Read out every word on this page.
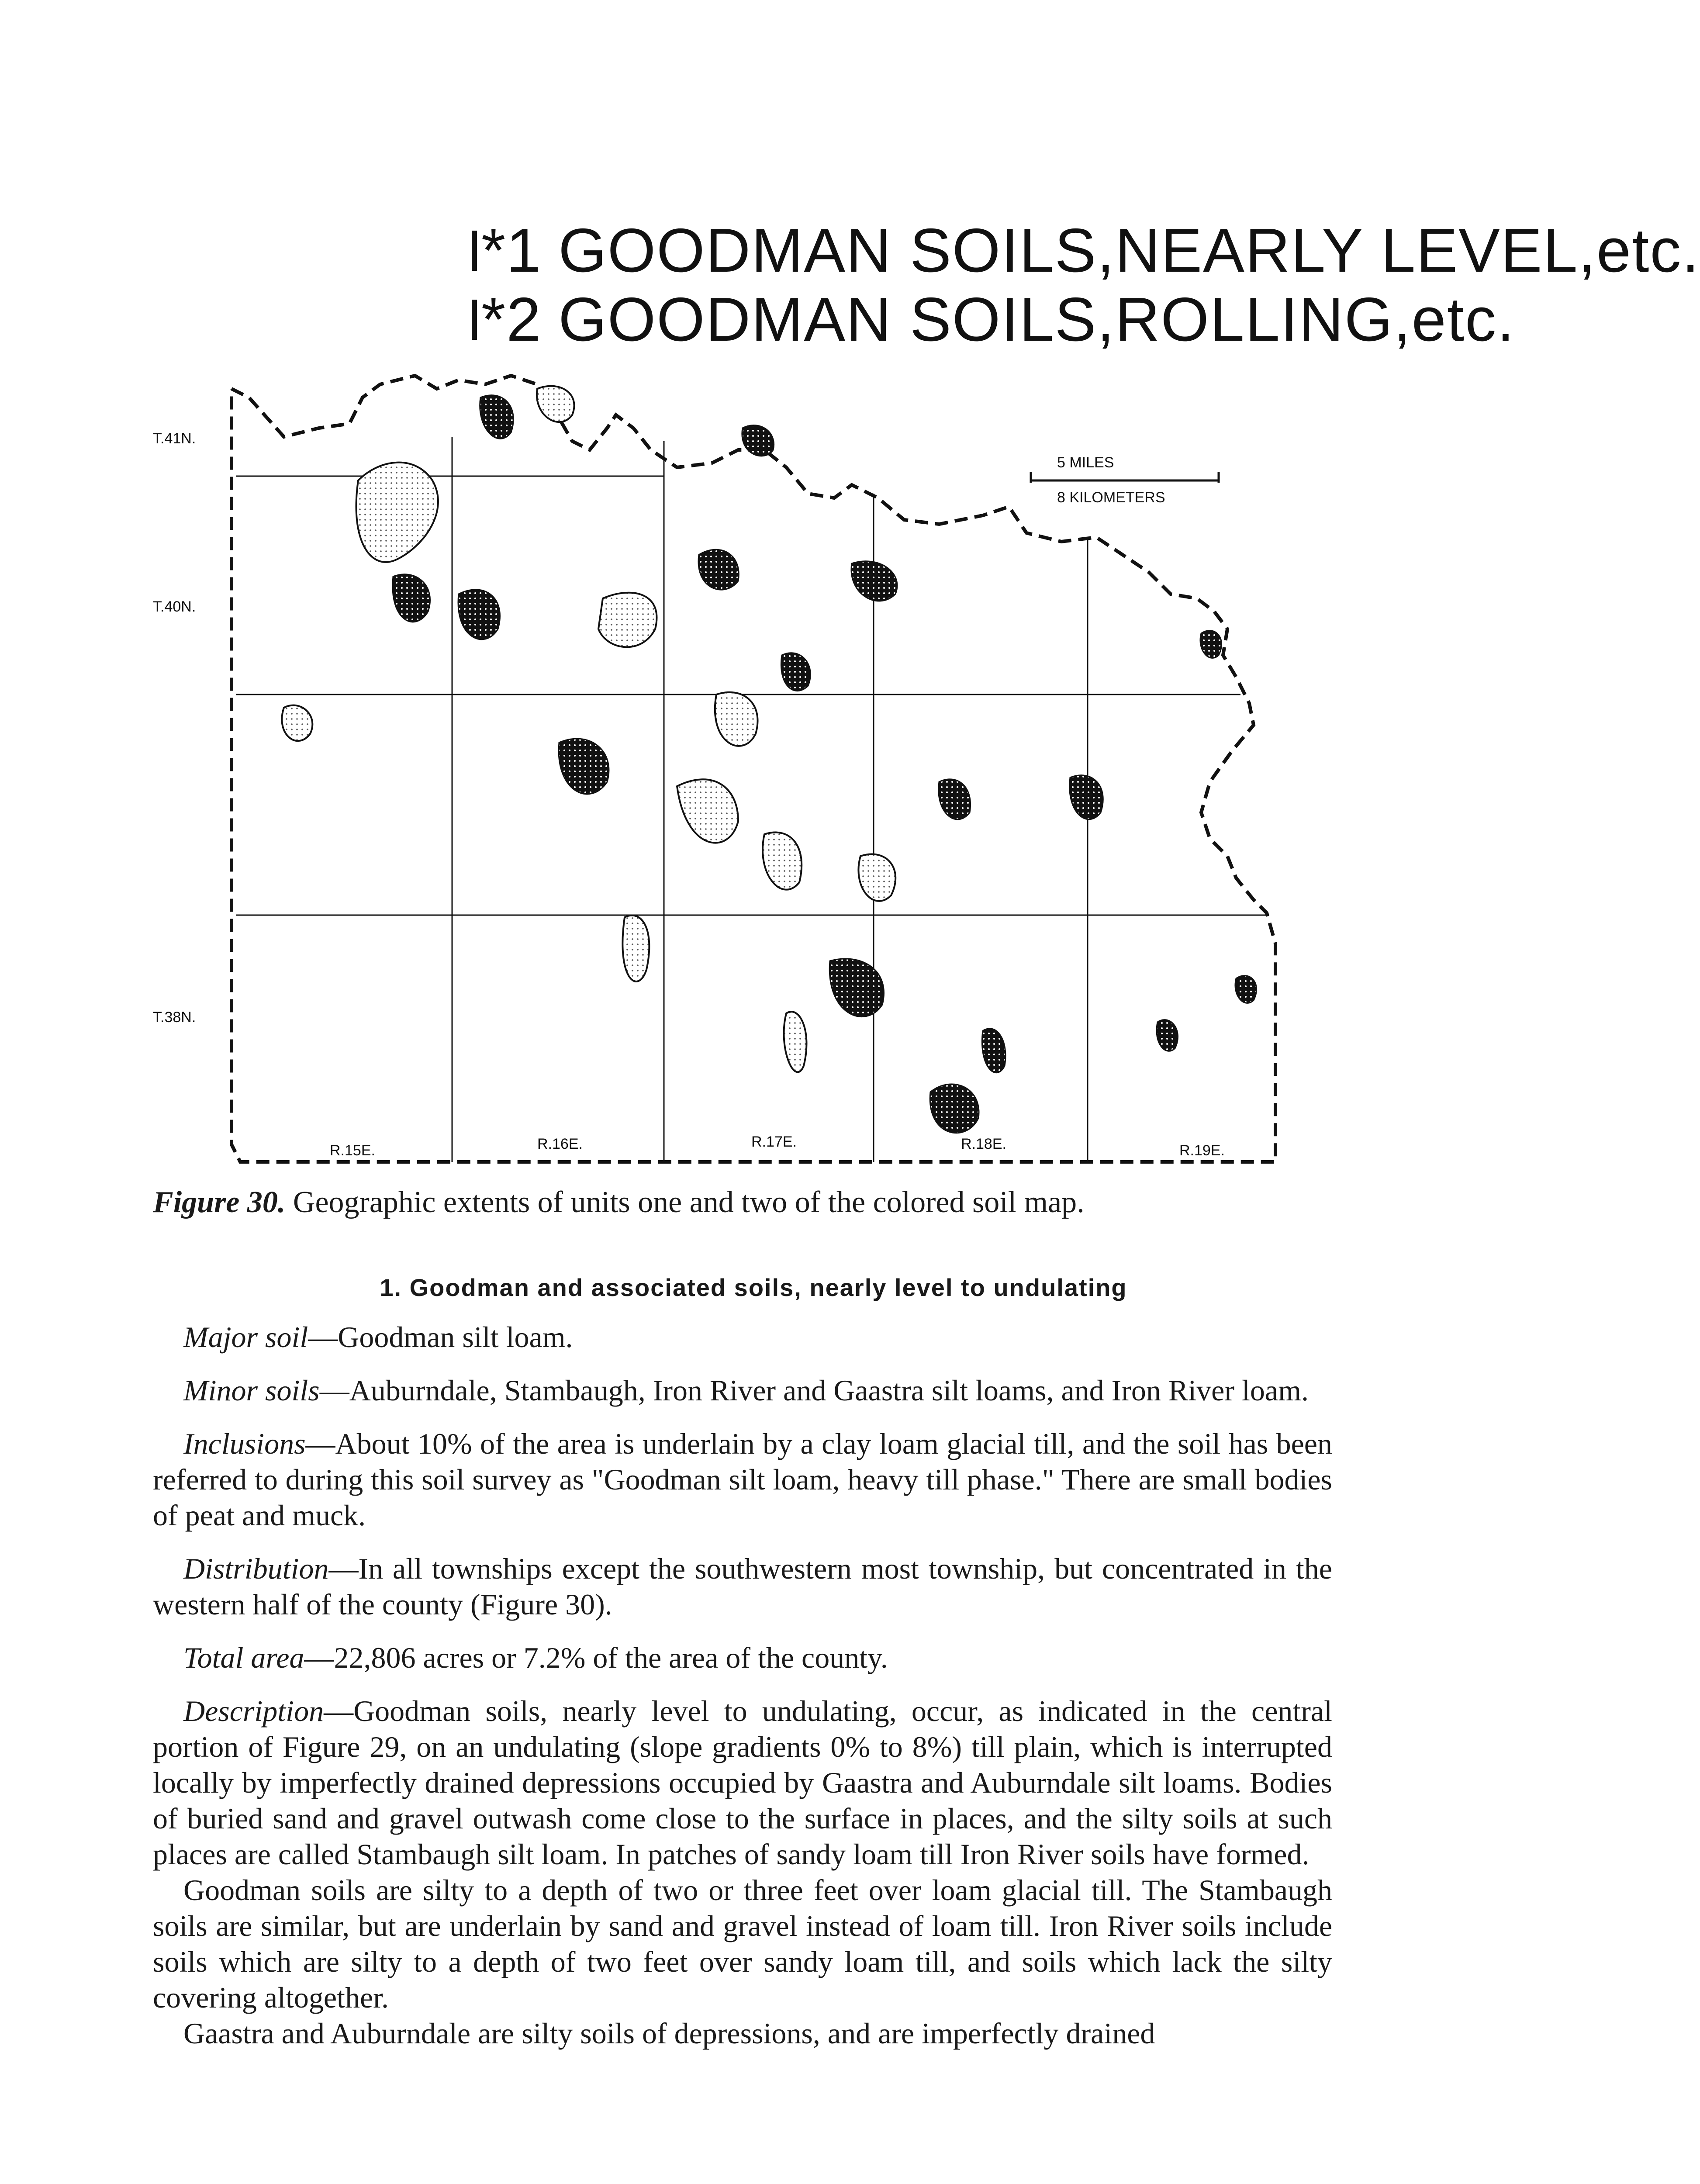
*1 GOODMAN SOILS,NEARLY LEVEL,etc.
*2 GOODMAN SOILS,ROLLING,etc.
5 MILES
8 KILOMETERS
T.41N.
T.40N.
T.38N.
R.15E.	R.16E.	R.17E.	R.18E.	R.19E.
Figure 30. Geographic extents of units one and two of the colored soil map.
1. Goodman and associated soils, nearly level to undulating

Major soil—Goodman silt loam.

Minor soils—Auburndale, Stambaugh, Iron River and Gaastra silt loams, and Iron River loam.

Inclusions—About 10% of the area is underlain by a clay loam glacial till, and the soil has been referred to during this soil survey as "Goodman silt loam, heavy till phase." There are small bodies of peat and muck.

Distribution—In all townships except the southwestern most township, but concentrated in the western half of the county (Figure 30).

Total area—22,806 acres or 7.2% of the area of the county.

Description—Goodman soils, nearly level to undulating, occur, as indicated in the central portion of Figure 29, on an undulating (slope gradients 0% to 8%) till plain, which is interrupted locally by imperfectly drained depressions occupied by Gaastra and Auburndale silt loams. Bodies of buried sand and gravel outwash come close to the surface in places, and the silty soils at such places are called Stambaugh silt loam. In patches of sandy loam till Iron River soils have formed.

Goodman soils are silty to a depth of two or three feet over loam glacial till. The Stambaugh soils are similar, but are underlain by sand and gravel instead of loam till. Iron River soils include soils which are silty to a depth of two feet over sandy loam till, and soils which lack the silty covering altogether.

Gaastra and Auburndale are silty soils of depressions, and are imperfectly drained
